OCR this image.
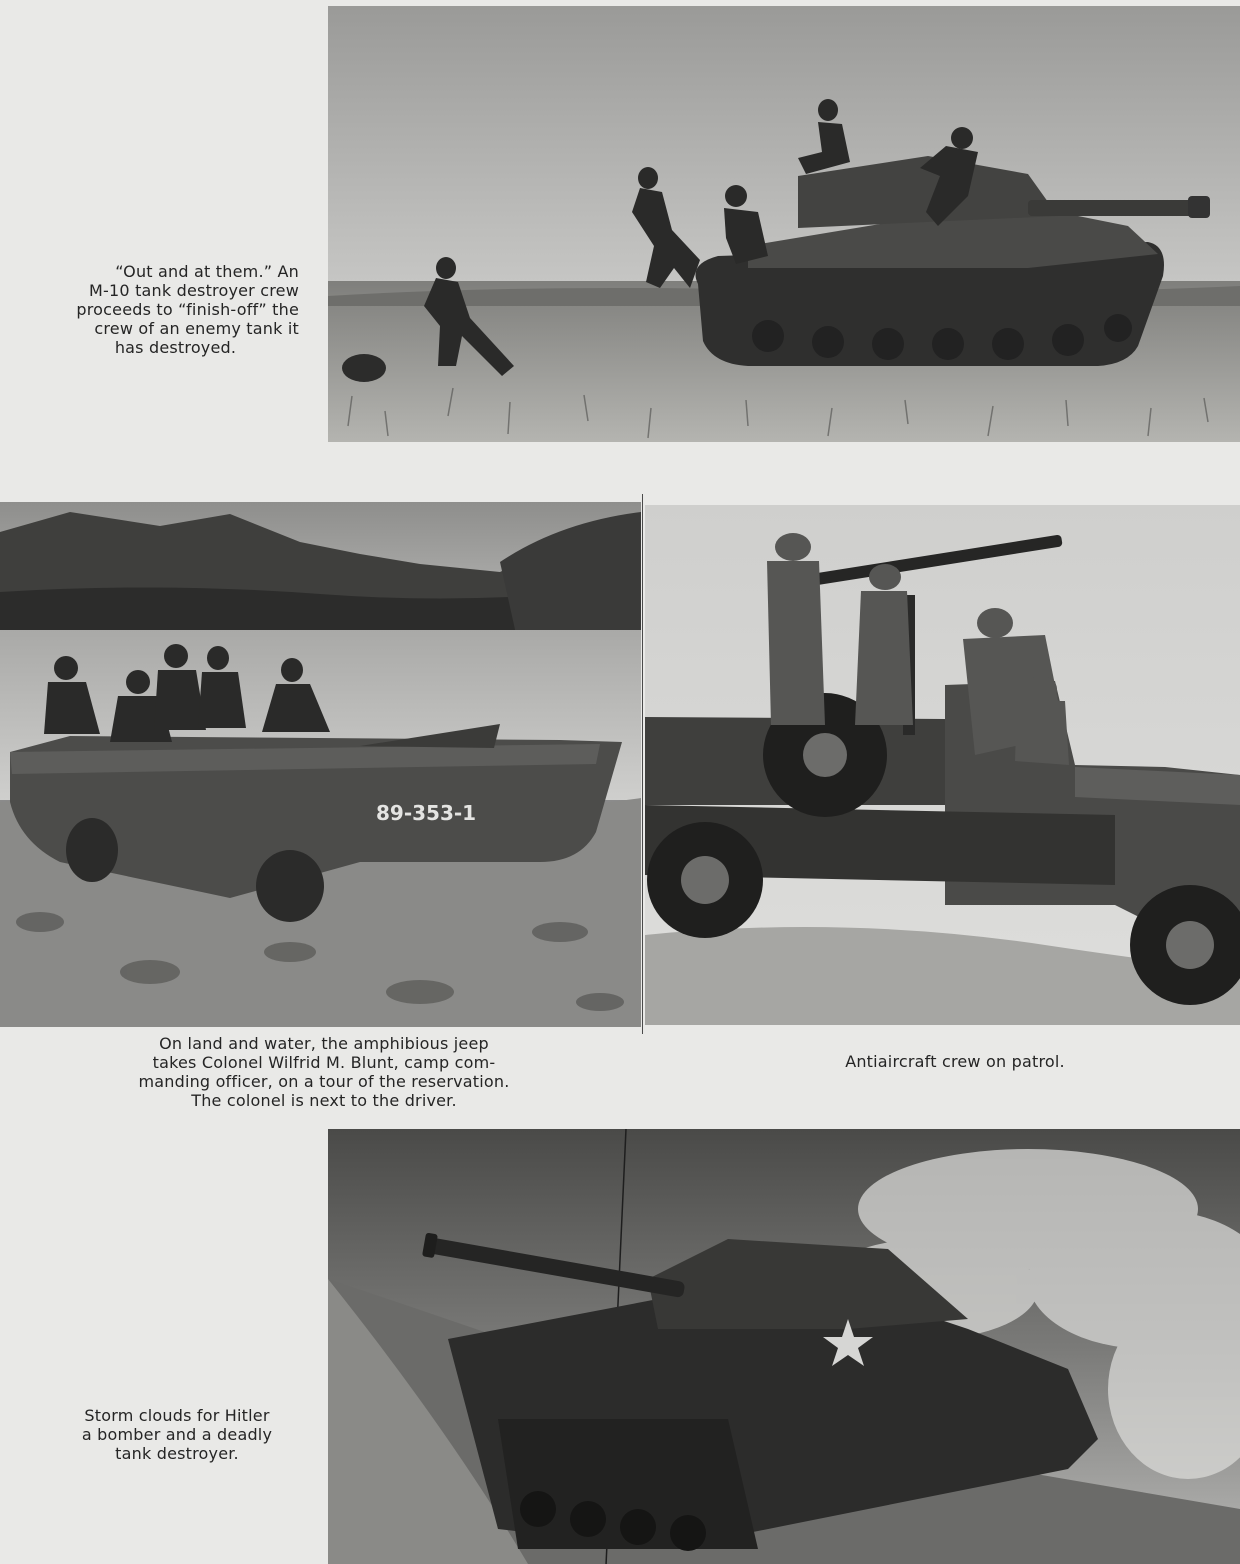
“Out and at them.” An
M-10 tank destroyer crew
proceeds to “finish-off” the
crew of an enemy tank it
has destroyed.
89-353-1
On land and water, the amphibious jeep
takes Colonel Wilfrid M. Blunt, camp com-
manding officer, on a tour of the reservation.
The colonel is next to the driver.
Antiaircraft crew on patrol.
Storm clouds for Hitler
a bomber and a deadly
tank destroyer.
